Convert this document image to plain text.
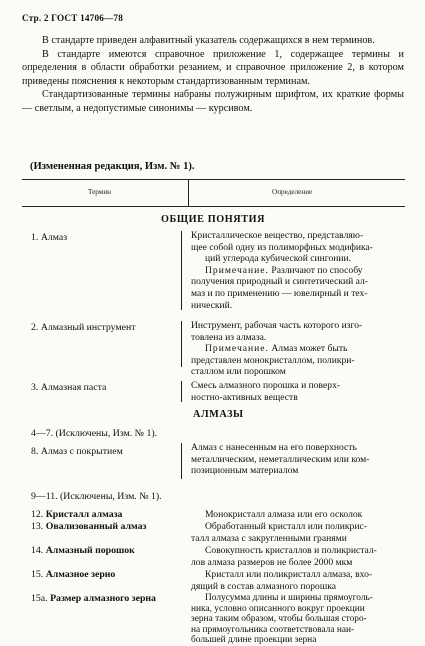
Стр. 2 ГОСТ 14706—78

В стандарте приведен алфавитный указатель содержащихся в нем терминов.

В стандарте имеются справочное приложение 1, содержащее термины и определения в области обработки резанием, и справочное приложение 2, в котором приведены пояснения к некоторым стандартизованным терминам.

Стандартизованные термины набраны полужирным шрифтом, их краткие формы — светлым, а недопустимые синонимы — курсивом.

(Измененная редакция, Изм. № 1).
Термин	Определение
ОБЩИЕ ПОНЯТИЯ
1. Алмаз	Кристаллическое вещество, представляю-
щее собой одну из полиморфных модифика-
ций углерода кубической сингонии.
Примечание. Различают по способу
получения природный и синтетический ал-
маз и по применению — ювелирный и тех-
нический.
2. Алмазный инструмент	Инструмент, рабочая часть которого изго-
товлена из алмаза.
Примечание. Алмаз может быть
представлен монокристаллом, поликри-
сталлом или порошком
3. Алмазная паста	Смесь алмазного порошка и поверх-
ностно-активных веществ
АЛМАЗЫ
4—7. (Исключены, Изм. № 1).
8. Алмаз с покрытием	Алмаз с нанесенным на его поверхность
металлическим, неметаллическим или ком-
позиционным материалом
9—11. (Исключены, Изм. № 1).
12. Кристалл алмаза	Монокристалл алмаза или его осколок
13. Овализованный алмаз	Обработанный кристалл или поликрис-
талл алмаза с закругленными гранями
14. Алмазный порошок	Совокупность кристаллов и поликристал-
лов алмаза размеров не более 2000 мкм
15. Алмазное зерно	Кристалл или поликристалл алмаза, вхо-
дящий в состав алмазного порошка
15а. Размер алмазного зерна	Полусумма длины и ширины прямоуголь-
ника, условно описанного вокруг проекции
зерна таким образом, чтобы большая сторо-
на прямоугольника соответствовала наи-
большей длине проекции зерна
